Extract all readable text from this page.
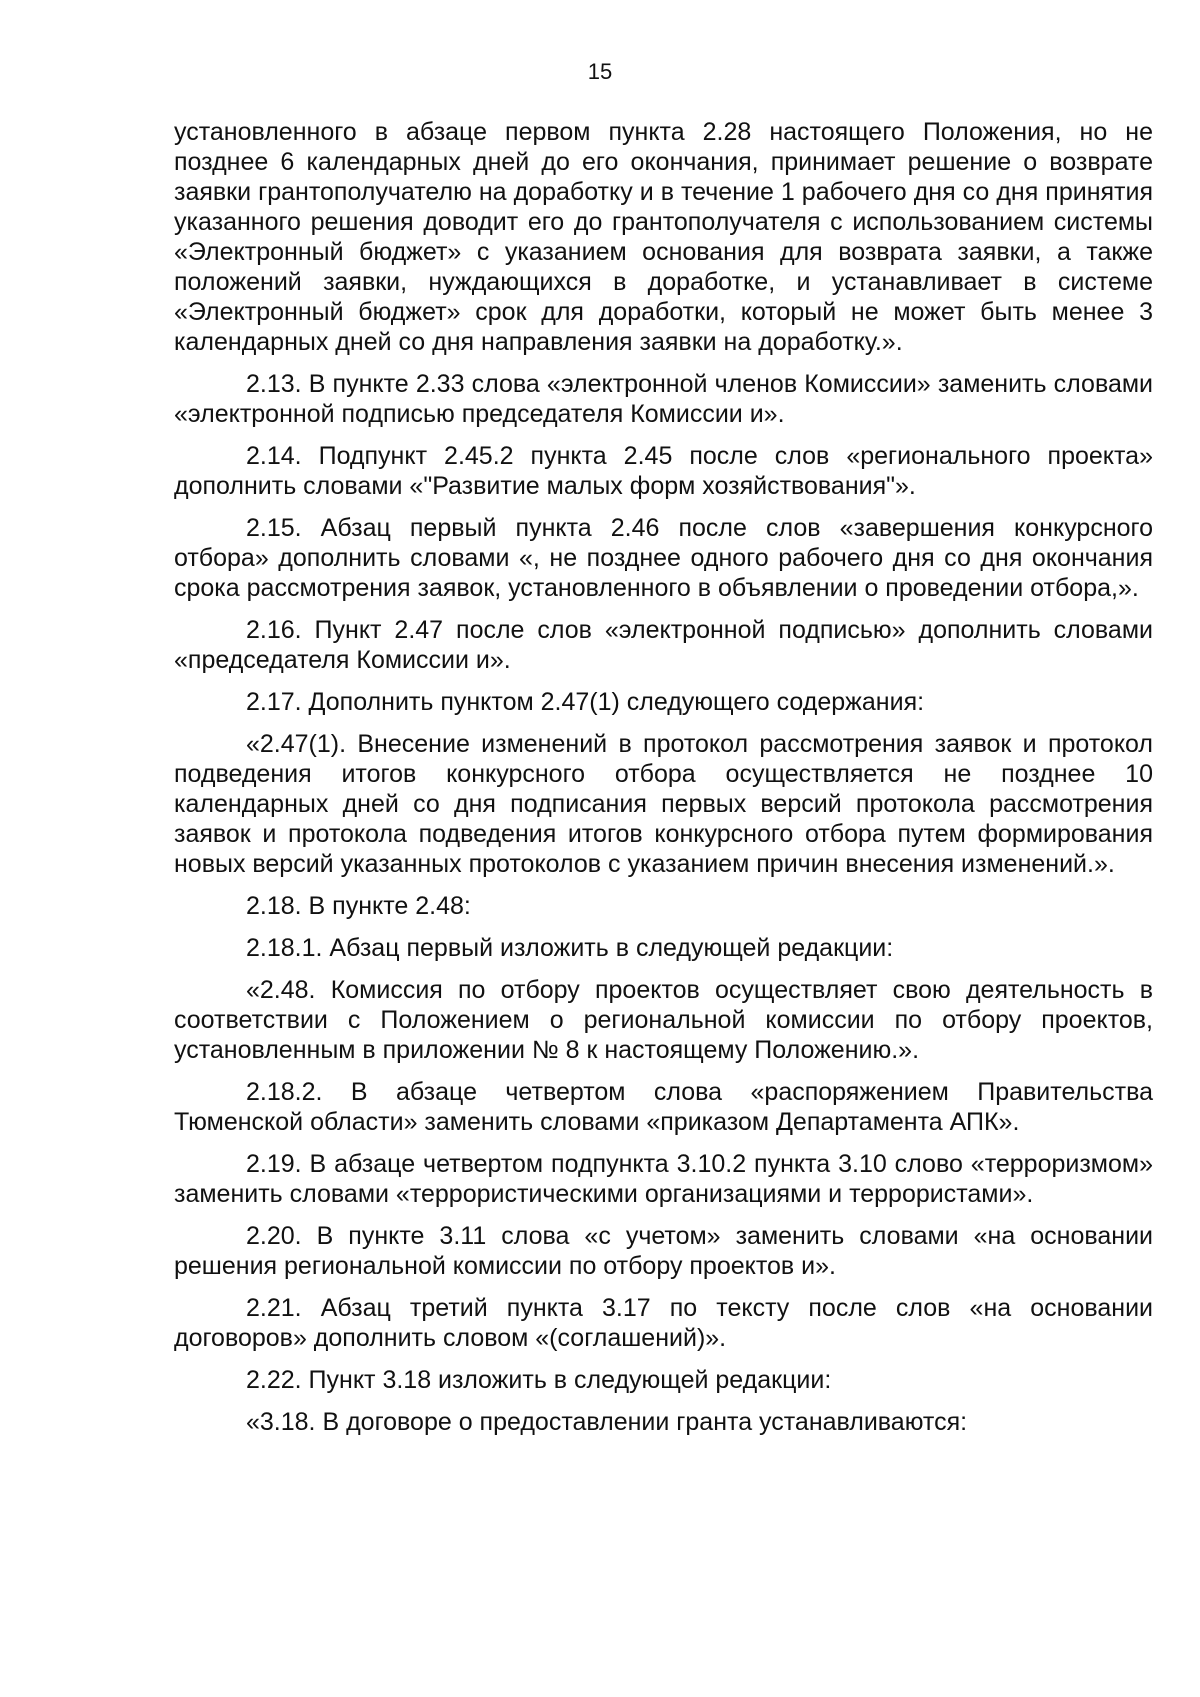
15

установленного в абзаце первом пункта 2.28 настоящего Положения, но не позднее 6 календарных дней до его окончания, принимает решение о возврате заявки грантополучателю на доработку и в течение 1 рабочего дня со дня принятия указанного решения доводит его до грантополучателя с использованием системы «Электронный бюджет» с указанием основания для возврата заявки, а также положений заявки, нуждающихся в доработке, и устанавливает в системе «Электронный бюджет» срок для доработки, который не может быть менее 3 календарных дней со дня направления заявки на доработку.».

2.13. В пункте 2.33 слова «электронной членов Комиссии» заменить словами «электронной подписью председателя Комиссии и».

2.14. Подпункт 2.45.2 пункта 2.45 после слов «регионального проекта» дополнить словами «"Развитие малых форм хозяйствования"».

2.15. Абзац первый пункта 2.46 после слов «завершения конкурсного отбора» дополнить словами «, не позднее одного рабочего дня со дня окончания срока рассмотрения заявок, установленного в объявлении о проведении отбора,».

2.16. Пункт 2.47 после слов «электронной подписью» дополнить словами «председателя Комиссии и».

2.17. Дополнить пунктом 2.47(1) следующего содержания:

«2.47(1). Внесение изменений в протокол рассмотрения заявок и протокол подведения итогов конкурсного отбора осуществляется не позднее 10 календарных дней со дня подписания первых версий протокола рассмотрения заявок и протокола подведения итогов конкурсного отбора путем формирования новых версий указанных протоколов с указанием причин внесения изменений.».

2.18. В пункте 2.48:

2.18.1. Абзац первый изложить в следующей редакции:

«2.48. Комиссия по отбору проектов осуществляет свою деятельность в соответствии с Положением о региональной комиссии по отбору проектов, установленным в приложении № 8 к настоящему Положению.».

2.18.2. В абзаце четвертом слова «распоряжением Правительства Тюменской области» заменить словами «приказом Департамента АПК».

2.19. В абзаце четвертом подпункта 3.10.2 пункта 3.10 слово «терроризмом» заменить словами «террористическими организациями и террористами».

2.20. В пункте 3.11 слова «с учетом» заменить словами «на основании решения региональной комиссии по отбору проектов и».

2.21. Абзац третий пункта 3.17 по тексту после слов «на основании договоров» дополнить словом «(соглашений)».

2.22. Пункт 3.18 изложить в следующей редакции:

«3.18. В договоре о предоставлении гранта устанавливаются:
